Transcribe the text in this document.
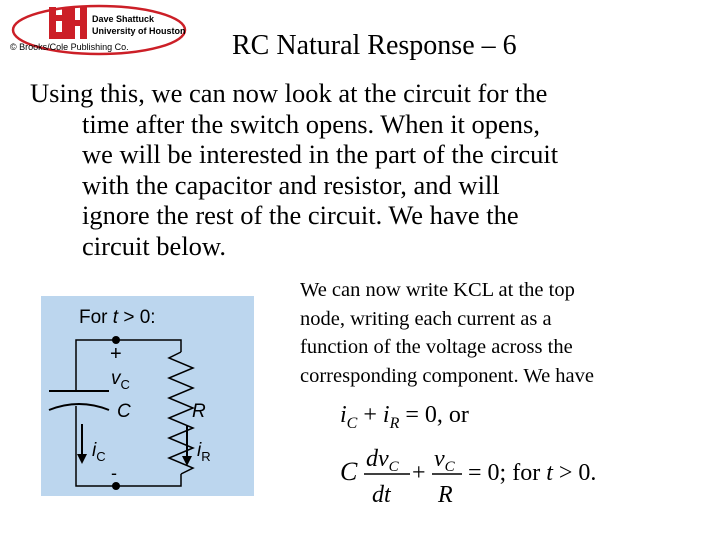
Dave Shattuck
University of Houston
© Brooks/Cole Publishing Co.	RC Natural Response – 6
Using this, we can now look at the circuit for the
time after the switch opens. When it opens,
we will be interested in the part of the circuit
with the capacitor and resistor, and will
ignore the rest of the circuit. We have the
circuit below.
We can now write KCL at the top
node, writing each current as a
function of the voltage across the
corresponding component. We have
For t > 0:
+
$v_C$
C	R
-
$i_C$	$i_R$
$i_C + i_R = 0$, or
C $dv_C$
dt
+
$v_C$
R
= 0; for t > 0.
